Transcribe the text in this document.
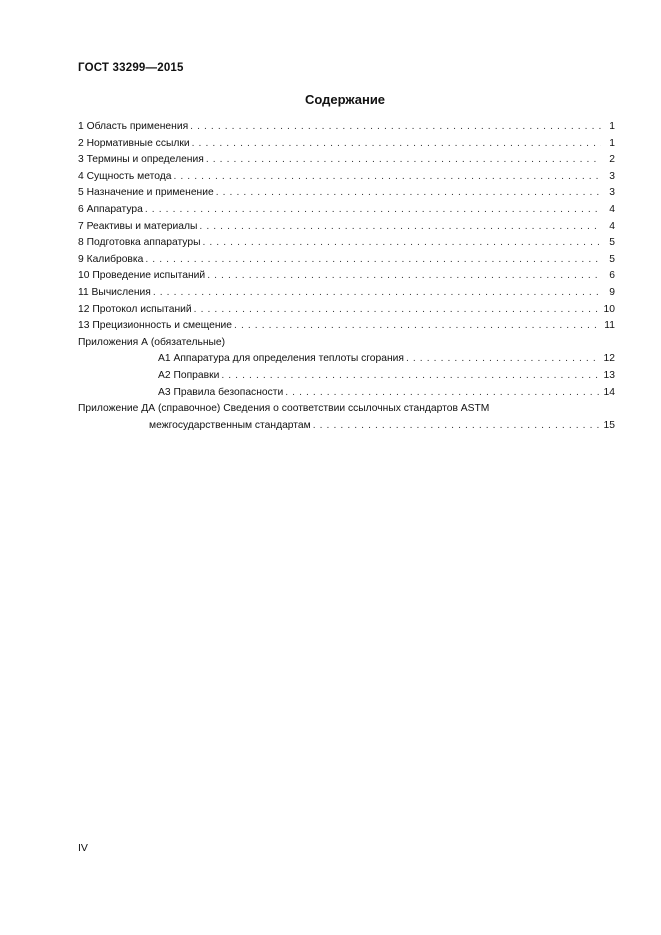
ГОСТ 33299—2015
Содержание
1 Область применения . . .	1
2 Нормативные ссылки . . .	1
3 Термины и определения . . .	2
4 Сущность метода . . .	3
5 Назначение и применение . . .	3
6 Аппаратура . . .	4
7 Реактивы и материалы . . .	4
8 Подготовка аппаратуры . . .	5
9 Калибровка . . .	5
10 Проведение испытаний . . .	6
11 Вычисления . . .	9
12 Протокол испытаний . . .	10
13 Прецизионность и смещение . . .	11
Приложения А (обязательные)
А1 Аппаратура для определения теплоты сгорания . . .	12
А2 Поправки . . .	13
А3 Правила безопасности . . .	14
Приложение ДА (справочное) Сведения о соответствии ссылочных стандартов ASTM
межгосударственным стандартам . . .	15
IV
